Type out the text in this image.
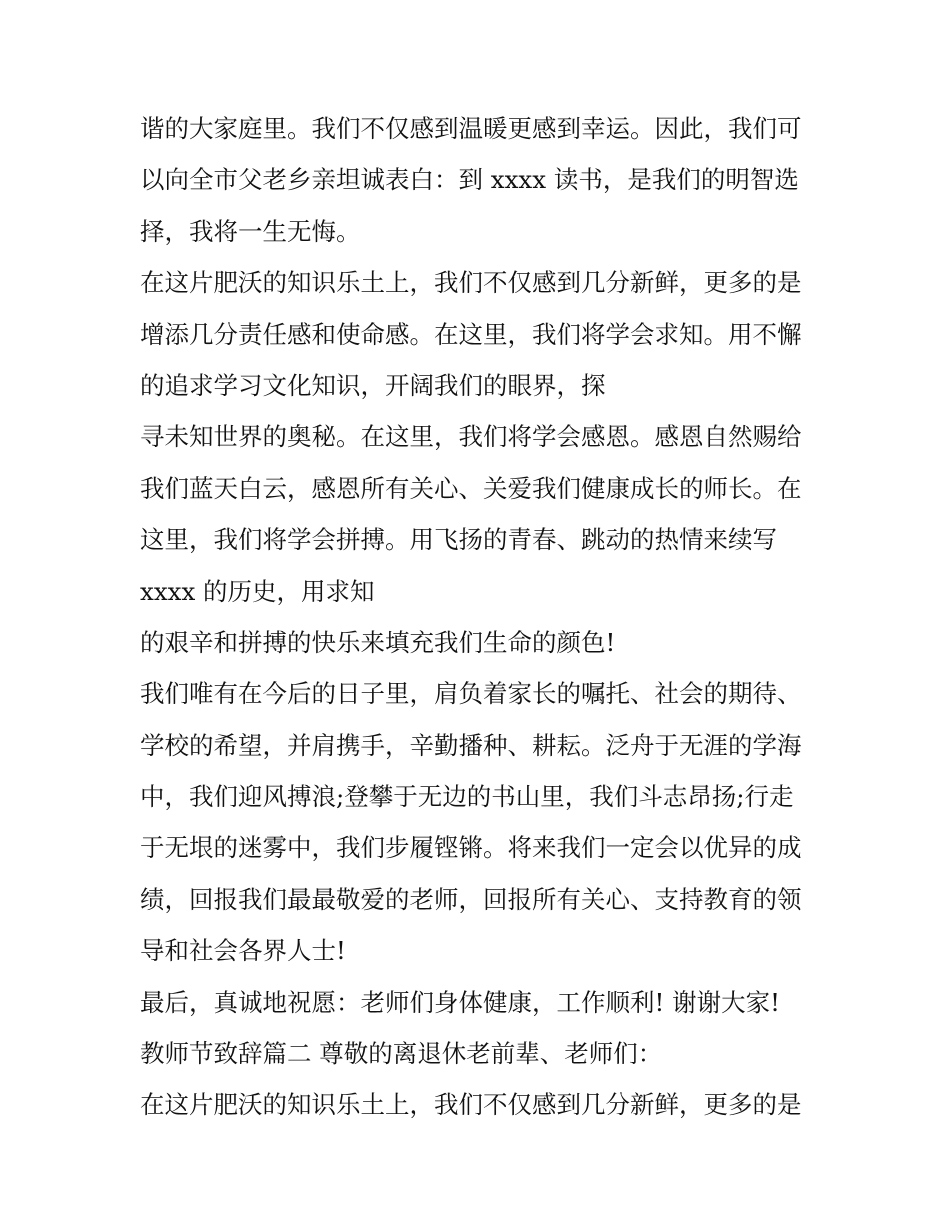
谐的大家庭里。我们不仅感到温暖更感到幸运。因此，我们可
以向全市父老乡亲坦诚表白：到 xxxx 读书，是我们的明智选
择，我将一生无悔。
在这片肥沃的知识乐土上，我们不仅感到几分新鲜，更多的是
增添几分责任感和使命感。在这里，我们将学会求知。用不懈
的追求学习文化知识，开阔我们的眼界，探
寻未知世界的奥秘。在这里，我们将学会感恩。感恩自然赐给
我们蓝天白云，感恩所有关心、关爱我们健康成长的师长。在
这里，我们将学会拼搏。用飞扬的青春、跳动的热情来续写
xxxx 的历史，用求知
的艰辛和拼搏的快乐来填充我们生命的颜色!
我们唯有在今后的日子里，肩负着家长的嘱托、社会的期待、
学校的希望，并肩携手，辛勤播种、耕耘。泛舟于无涯的学海
中，我们迎风搏浪;登攀于无边的书山里，我们斗志昂扬;行走
于无垠的迷雾中，我们步履铿锵。将来我们一定会以优异的成
绩，回报我们最最敬爱的老师，回报所有关心、支持教育的领
导和社会各界人士!
最后，真诚地祝愿：老师们身体健康，工作顺利! 谢谢大家!
教师节致辞篇二 尊敬的离退休老前辈、老师们：
在这片肥沃的知识乐土上，我们不仅感到几分新鲜，更多的是
